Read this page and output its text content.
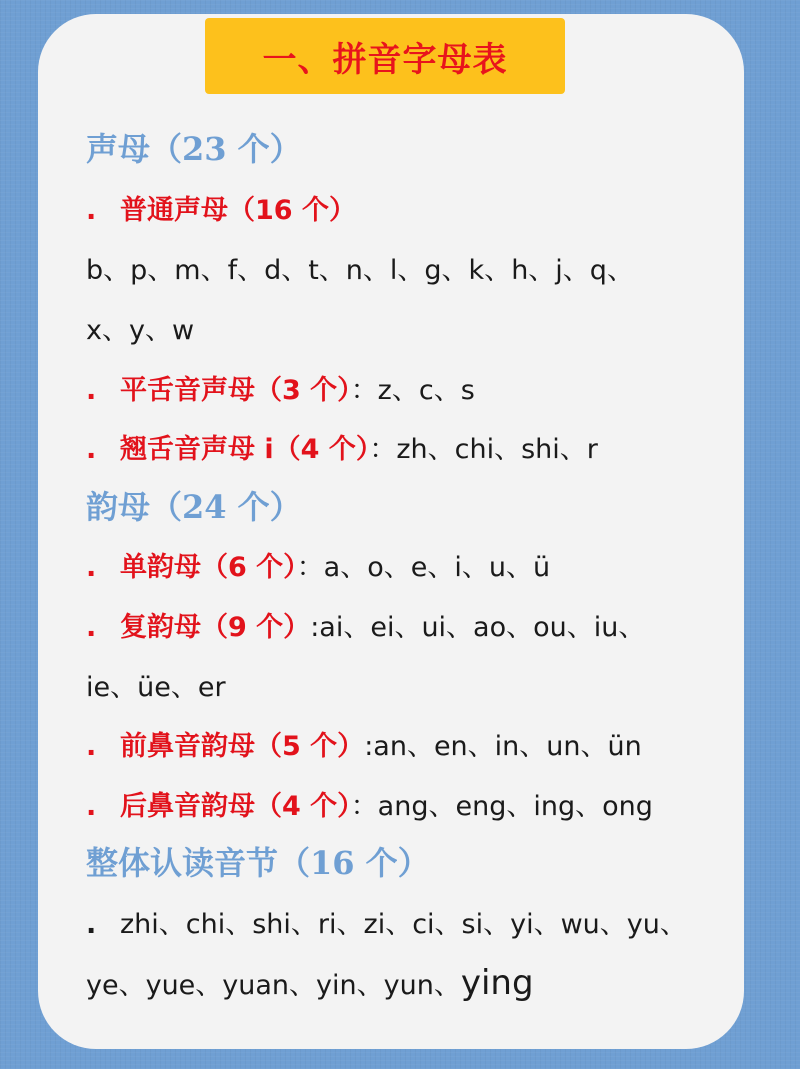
一、拼音字母表
声母（23 个）
. 普通声母（16 个）
b、p、m、f、d、t、n、l、g、k、h、j、q、
x、y、w
. 平舌音声母（3 个）：z、c、s
. 翘舌音声母 i（4 个）：zh、chi、shi、r
韵母（24 个）
. 单韵母（6 个）：a、o、e、i、u、ü
. 复韵母（9 个）:ai、ei、ui、ao、ou、iu、
ie、üe、er
. 前鼻音韵母（5 个）:an、en、in、un、ün
. 后鼻音韵母（4 个）：ang、eng、ing、ong
整体认读音节（16 个）
. zhi、chi、shi、ri、zi、ci、si、yi、wu、yu、
ye、yue、yuan、yin、yun、ying
